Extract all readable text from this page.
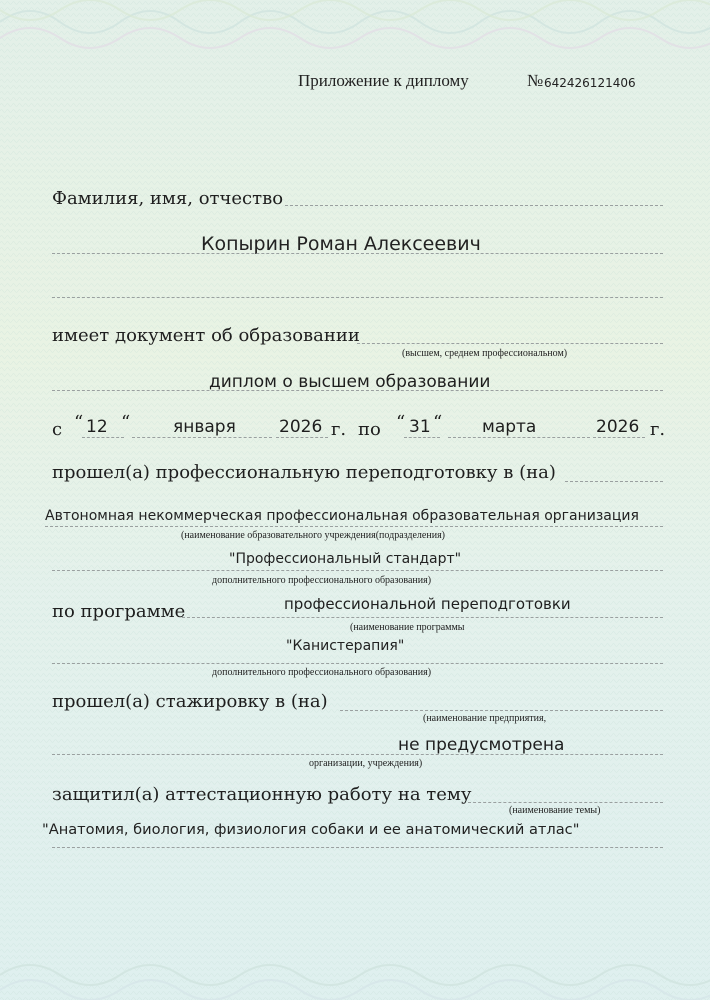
Приложение к диплому	№ 642426121406
Фамилия, имя, отчество
Копырин Роман Алексеевич
имеет документ об образовании
(высшем, среднем профессиональном)
диплом о высшем образовании
с “ 12 “	января	2026 г. по “ 31 “ марта	2026 г.
прошел(а) профессиональную переподготовку в (на)
Автономная некоммерческая профессиональная образовательная организация
(наименование образовательного учреждения(подразделения)
"Профессиональный стандарт"
дополнительного профессионального образования)
по программе	профессиональной переподготовки
(наименование программы
"Канистерапия"
дополнительного профессионального образования)
прошел(а) стажировку в (на)
(наименование предприятия,
не предусмотрена
организации, учреждения)
защитил(а) аттестационную работу на тему
(наименование темы)
"Анатомия, биология, физиология собаки и ее анатомический атлас"
